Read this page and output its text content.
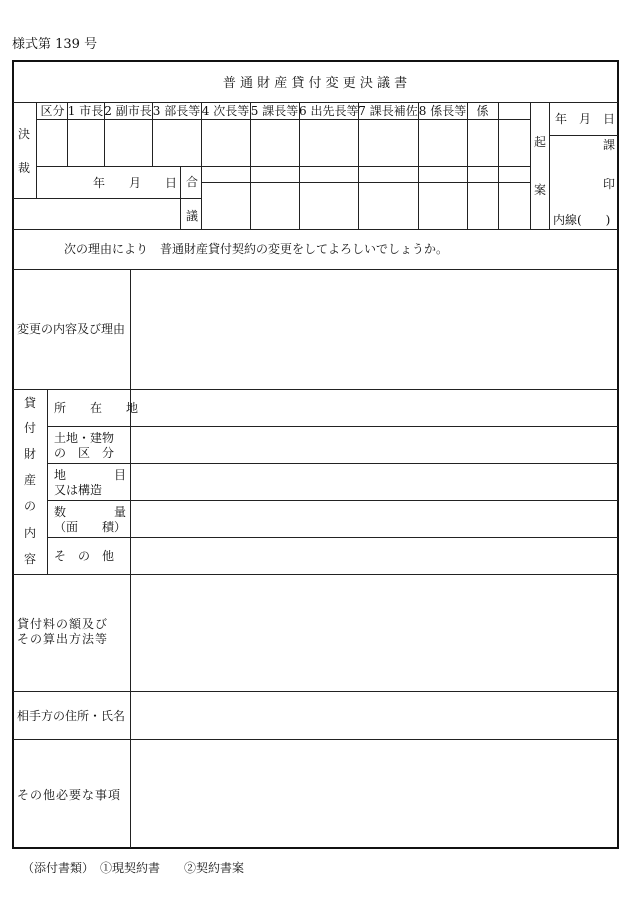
様式第 139 号
普 通 財 産 貸 付 変 更 決 議 書
決
裁
区分 1 市長 2 副市長 3 部長等 4 次長等 5 課長等 6 出先長等 7 課長補佐 8 係長等 係
年　　月　　日 合
議
起
案
年　月　日
課
印
内線(　　)
次の理由により　普通財産貸付契約の変更をしてよろしいでしょうか。
変更の内容及び理由
貸
付
財
産
の
内
容
所　　在　　地
土地・建物
の　区　分
地　　　　目
又は構造
数　　　　量
（面　　積）
そ　の　他
貸付料の額及び
その算出方法等
相手方の住所・氏名
その他必要な事項
（添付書類）　①現契約書　　②契約書案
